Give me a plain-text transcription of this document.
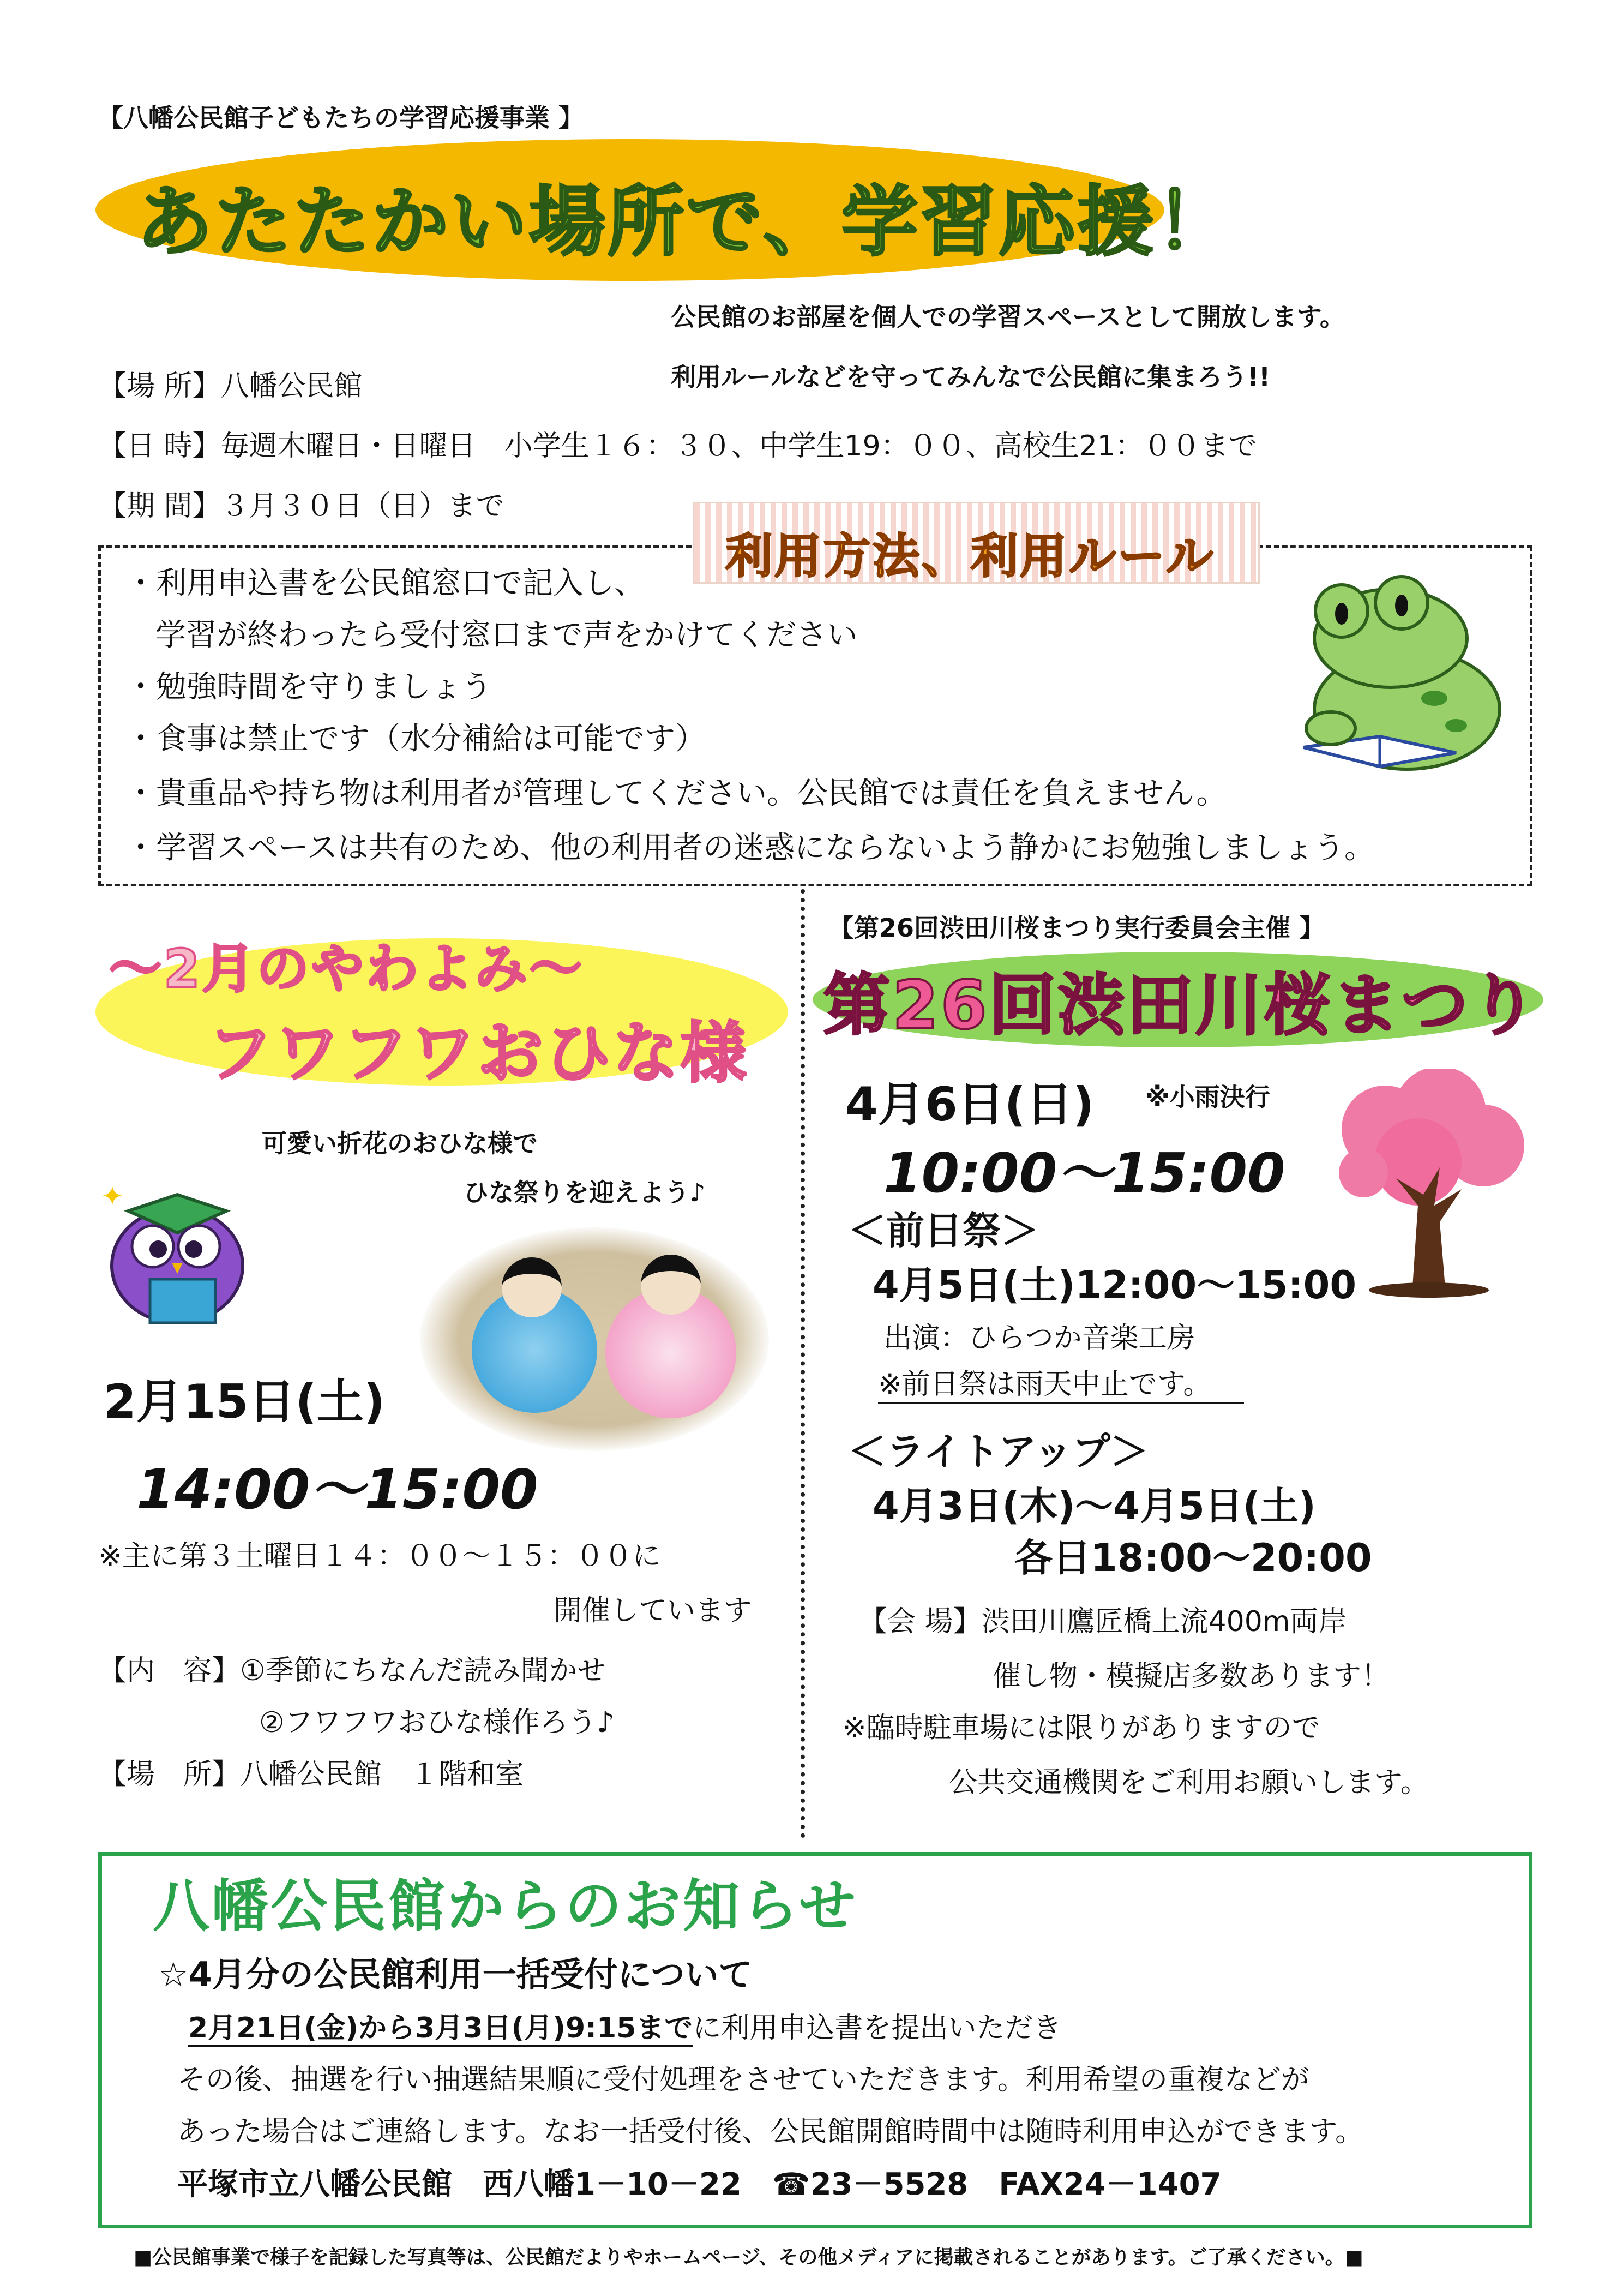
【八幡公民館子どもたちの学習応援事業 】
あたたかい場所で、学習応援！
公民館のお部屋を個人での学習スペースとして開放します。
利用ルールなどを守ってみんなで公民館に集まろう!!
【場 所】八幡公民館
【日 時】毎週木曜日・日曜日　小学生１６：３０、中学生19：００、高校生21：００まで
【期 間】３月３０日（日）まで
利用方法、利用ルール
・利用申込書を公民館窓口で記入し、
学習が終わったら受付窓口まで声をかけてください
・勉強時間を守りましょう
・食事は禁止です（水分補給は可能です）
・貴重品や持ち物は利用者が管理してください。公民館では責任を負えません。
・学習スペースは共有のため、他の利用者の迷惑にならないよう静かにお勉強しましょう。
～2月のやわよみ～
フワフワおひな様
可愛い折花のおひな様で
ひな祭りを迎えよう♪
✦
2月15日(土)
14:00～15:00
※主に第３土曜日１４：００～１５：００に
開催しています
【内　容】①季節にちなんだ読み聞かせ
②フワフワおひな様作ろう♪
【場　所】八幡公民館　１階和室
【第26回渋田川桜まつり実行委員会主催 】
第26回渋田川桜まつり
4月6日(日) ※小雨決行
10:00～15:00
＜前日祭＞
4月5日(土)12:00～15:00
出演：ひらつか音楽工房
※前日祭は雨天中止です。
＜ライトアップ＞
4月3日(木)～4月5日(土)
各日18:00～20:00
【会 場】渋田川鷹匠橋上流400m両岸
催し物・模擬店多数あります！
※臨時駐車場には限りがありますので
公共交通機関をご利用お願いします。
八幡公民館からのお知らせ
☆4月分の公民館利用一括受付について
2月21日(金)から3月3日(月)9:15までに利用申込書を提出いただき
その後、抽選を行い抽選結果順に受付処理をさせていただきます。利用希望の重複などが
あった場合はご連絡します。なお一括受付後、公民館開館時間中は随時利用申込ができます。
平塚市立八幡公民館　西八幡1－10－22　☎23－5528　FAX24－1407
■公民館事業で様子を記録した写真等は、公民館だよりやホームページ、その他メディアに掲載されることがあります。ご了承ください。■
